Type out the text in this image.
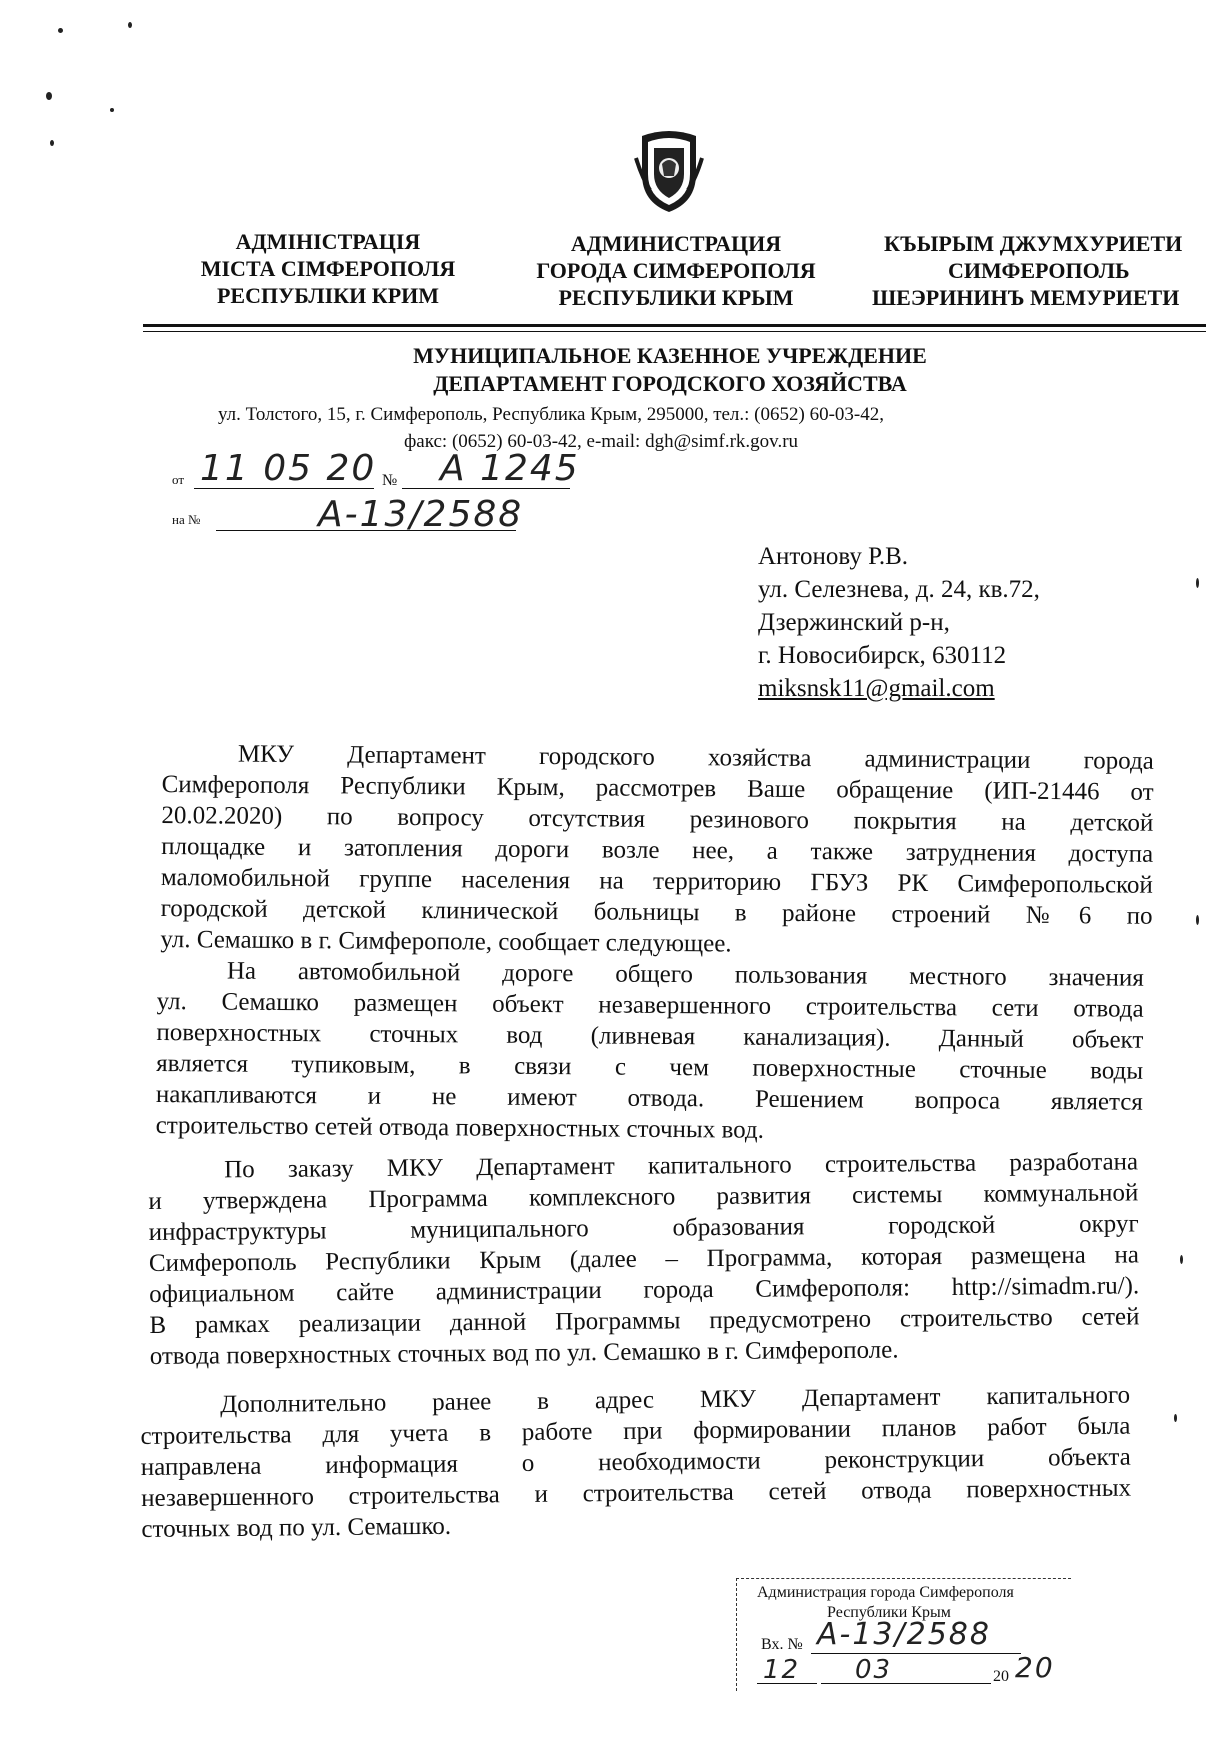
АДМІНІСТРАЦІЯ
МІСТА СІМФЕРОПОЛЯ
РЕСПУБЛІКИ КРИМ
АДМИНИСТРАЦИЯ
ГОРОДА СИМФЕРОПОЛЯ
РЕСПУБЛИКИ КРЫМ
КЪЫРЫМ ДЖУМХУРИЕТИ
СИМФЕРОПОЛЬ
ШЕЭРИНИНЪ МЕМУРИЕТИ
МУНИЦИПАЛЬНОЕ КАЗЕННОЕ УЧРЕЖДЕНИЕ
ДЕПАРТАМЕНТ ГОРОДСКОГО ХОЗЯЙСТВА
ул. Толстого, 15, г. Симферополь, Республика Крым, 295000, тел.: (0652) 60-03-42,
факс: (0652) 60-03-42, e-mail: dgh@simf.rk.gov.ru
от 11 05 20 № А 1245
на №	А-13/2588
Антонову Р.В.
ул. Селезнева, д. 24, кв.72,
Дзержинский р-н,
г. Новосибирск, 630112
miksnsk11@gmail.com
МКУ Департамент городского хозяйства администрации города
Симферополя Республики Крым, рассмотрев Ваше обращение (ИП-21446 от
20.02.2020) по вопросу отсутствия резинового покрытия на детской
площадке и затопления дороги возле нее, а также затруднения доступа
маломобильной группе населения на территорию ГБУЗ РК Симферопольской
городской детской клинической больницы в районе строений №6 по
ул. Семашко в г. Симферополе, сообщает следующее.
На автомобильной дороге общего пользования местного значения
ул. Семашко размещен объект незавершенного строительства сети отвода
поверхностных сточных вод (ливневая канализация). Данный объект
является тупиковым, в связи с чем поверхностные сточные воды
накапливаются и не имеют отвода. Решением вопроса является
строительство сетей отвода поверхностных сточных вод.
По заказу МКУ Департамент капитального строительства разработана
и утверждена Программа комплексного развития системы коммунальной
инфраструктуры муниципального образования городской округ
Симферополь Республики Крым (далее – Программа, которая размещена на
официальном сайте администрации города Симферополя: http://simadm.ru/).
В рамках реализации данной Программы предусмотрено строительство сетей
отвода поверхностных сточных вод по ул. Семашко в г. Симферополе.
Дополнительно ранее в адрес МКУ Департамент капитального
строительства для учета в работе при формировании планов работ была
направлена информация о необходимости реконструкции объекта
незавершенного строительства и строительства сетей отвода поверхностных
сточных вод по ул. Семашко.
Администрация города Симферополя
Республики Крым
Вх. № А-13/2588
12 03	20 20
